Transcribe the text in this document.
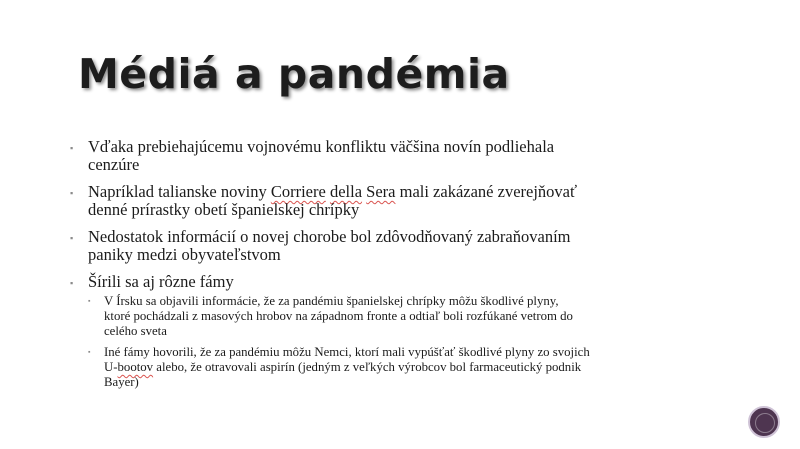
Médiá a pandémia
▪ Vďaka prebiehajúcemu vojnovému konfliktu väčšina novín podliehala
cenzúre
▪ Napríklad talianske noviny Corriere della Sera mali zakázané zverejňovať
denné prírastky obetí španielskej chrípky
▪ Nedostatok informácií o novej chorobe bol zdôvodňovaný zabraňovaním
paniky medzi obyvateľstvom
▪ Šírili sa aj rôzne fámy
▪ V Írsku sa objavili informácie, že za pandémiu španielskej chrípky môžu škodlivé plyny,
ktoré pochádzali z masových hrobov na západnom fronte a odtiaľ boli rozfúkané vetrom do
celého sveta
▪ Iné fámy hovorili, že za pandémiu môžu Nemci, ktorí mali vypúšťať škodlivé plyny zo svojich
U-bootov alebo, že otravovali aspirín (jedným z veľkých výrobcov bol farmaceutický podnik
Bayer)
